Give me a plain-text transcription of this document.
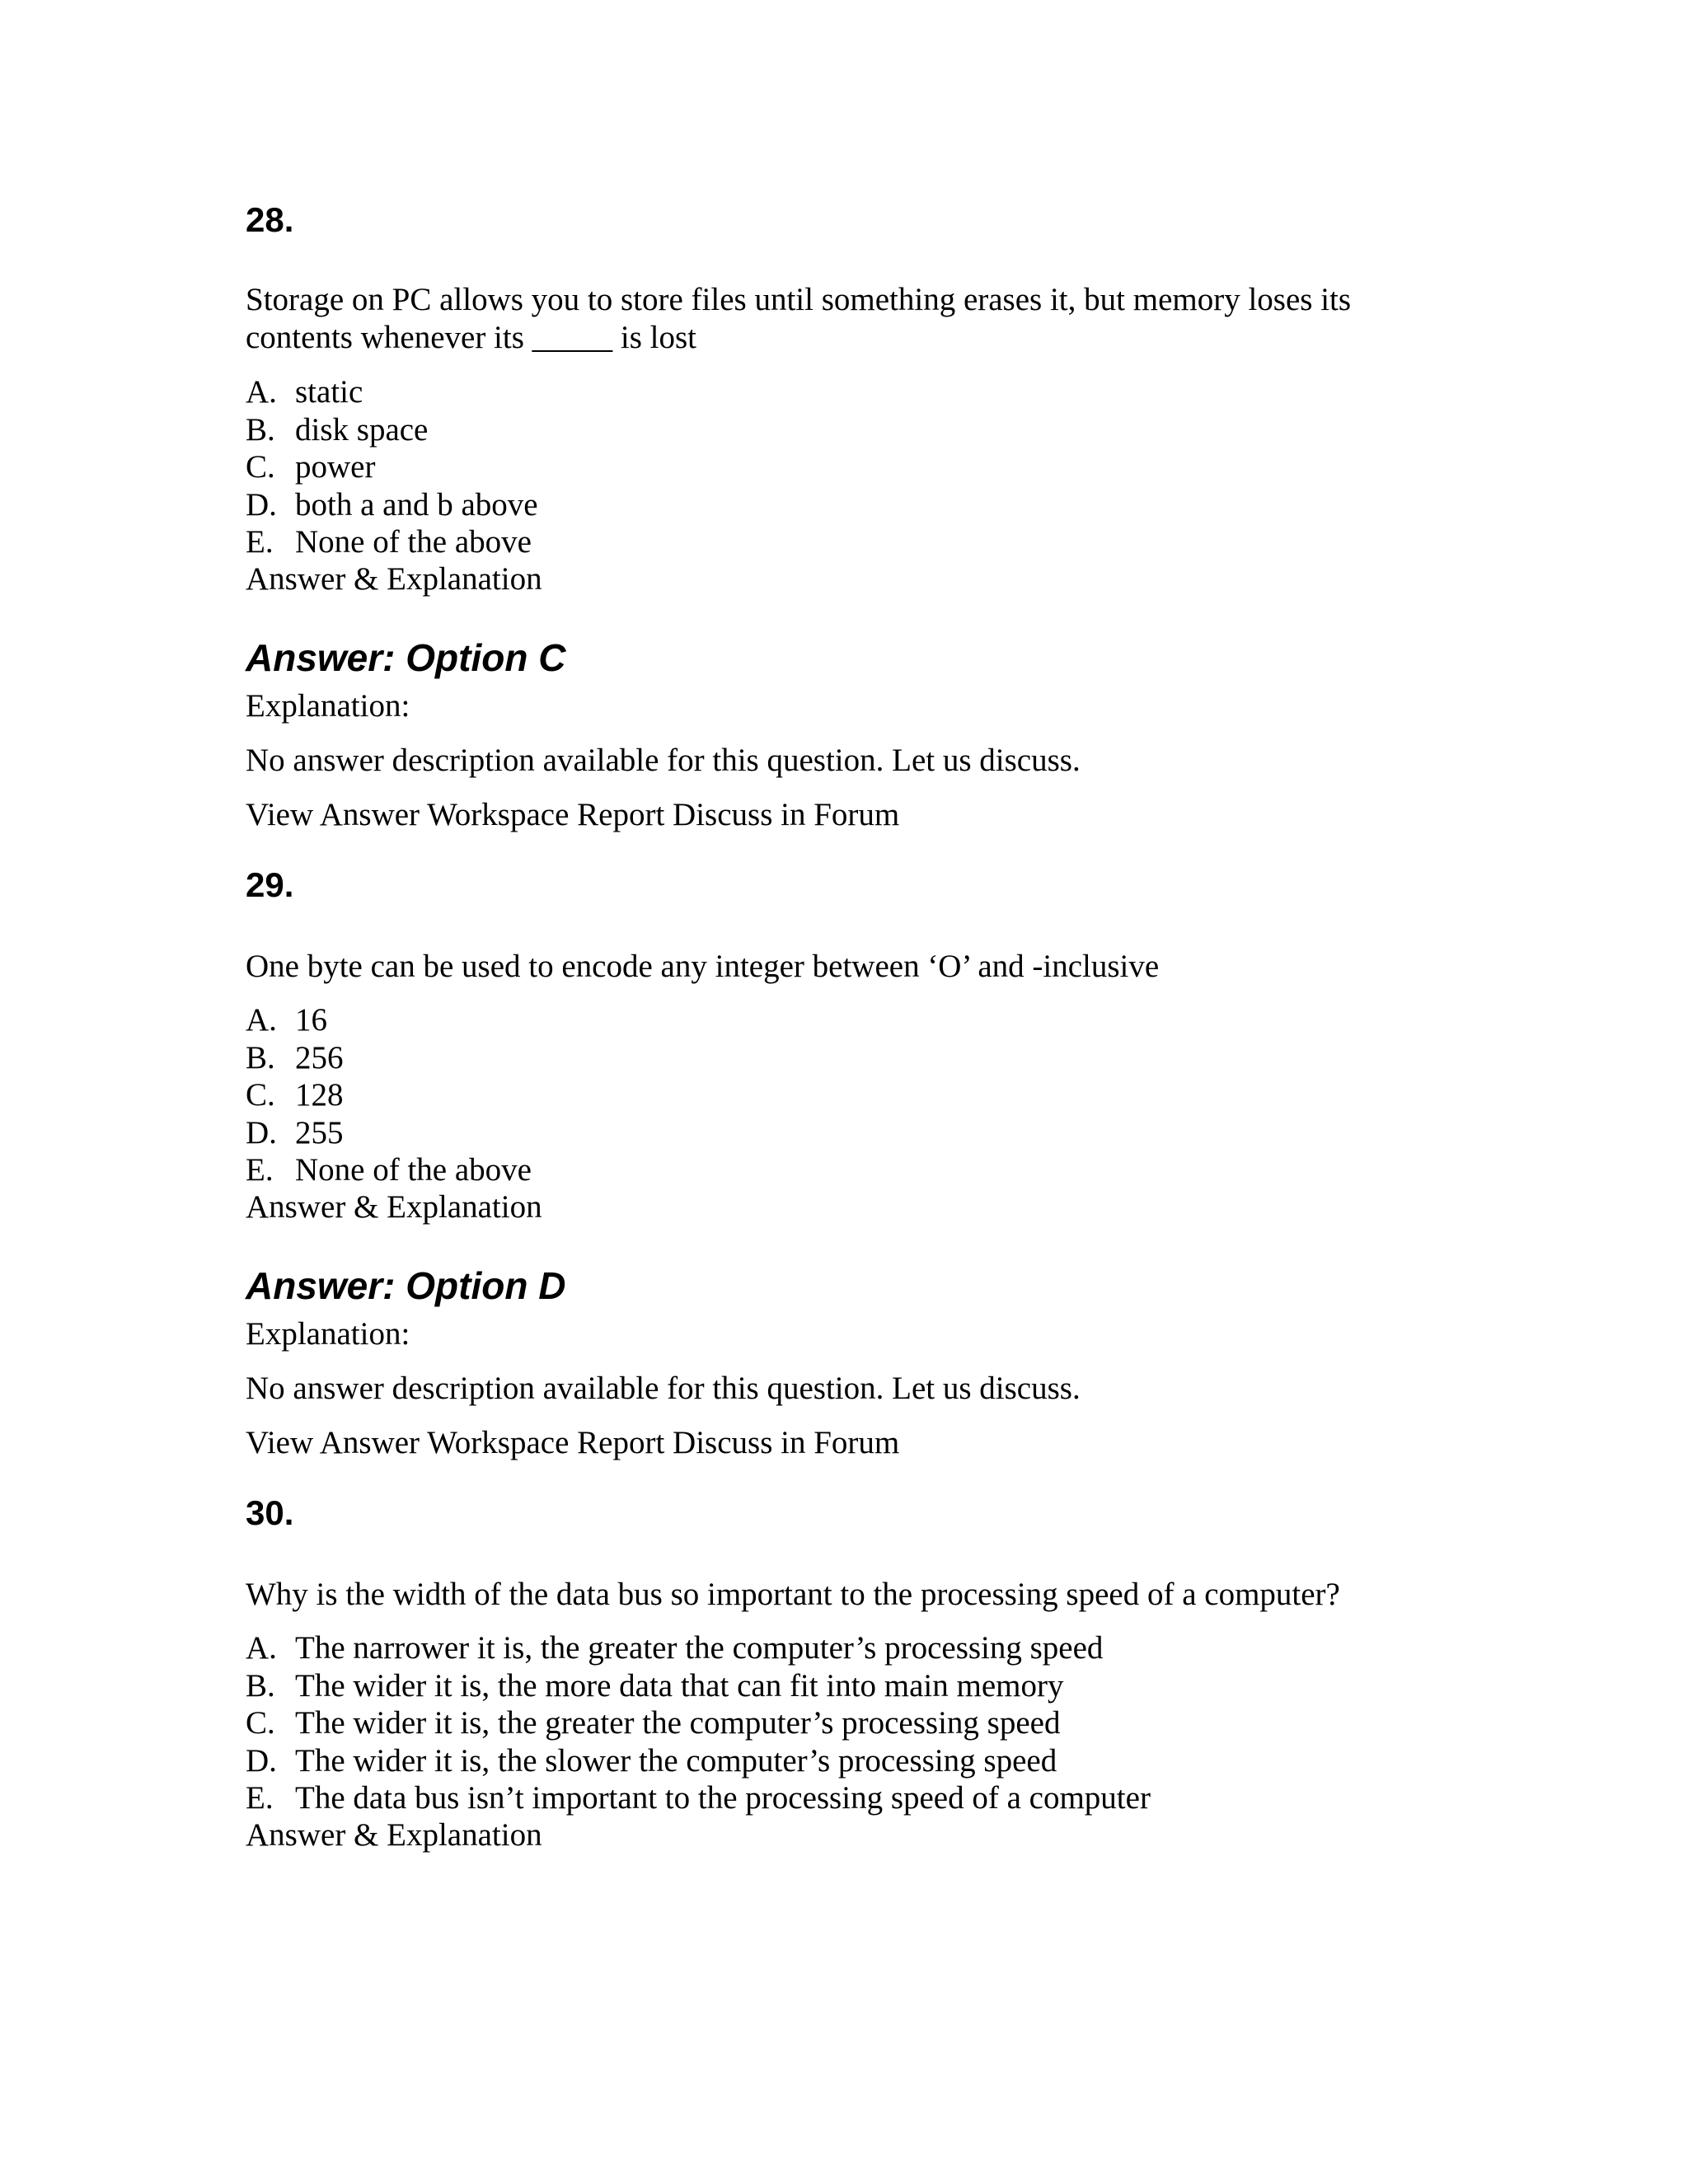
28.

Storage on PC allows you to store files until something erases it, but memory loses its contents whenever its _____ is lost

A. static
B. disk space
C. power
D. both a and b above
E. None of the above

Answer & Explanation

Answer: Option C

Explanation:

No answer description available for this question. Let us discuss.

View Answer Workspace Report Discuss in Forum

29.

One byte can be used to encode any integer between ‘O’ and -inclusive

A. 16
B. 256
C. 128
D. 255
E. None of the above

Answer & Explanation

Answer: Option D

Explanation:

No answer description available for this question. Let us discuss.

View Answer Workspace Report Discuss in Forum

30.

Why is the width of the data bus so important to the processing speed of a computer?

A. The narrower it is, the greater the computer’s processing speed
B. The wider it is, the more data that can fit into main memory
C. The wider it is, the greater the computer’s processing speed
D. The wider it is, the slower the computer’s processing speed
E. The data bus isn’t important to the processing speed of a computer

Answer & Explanation
